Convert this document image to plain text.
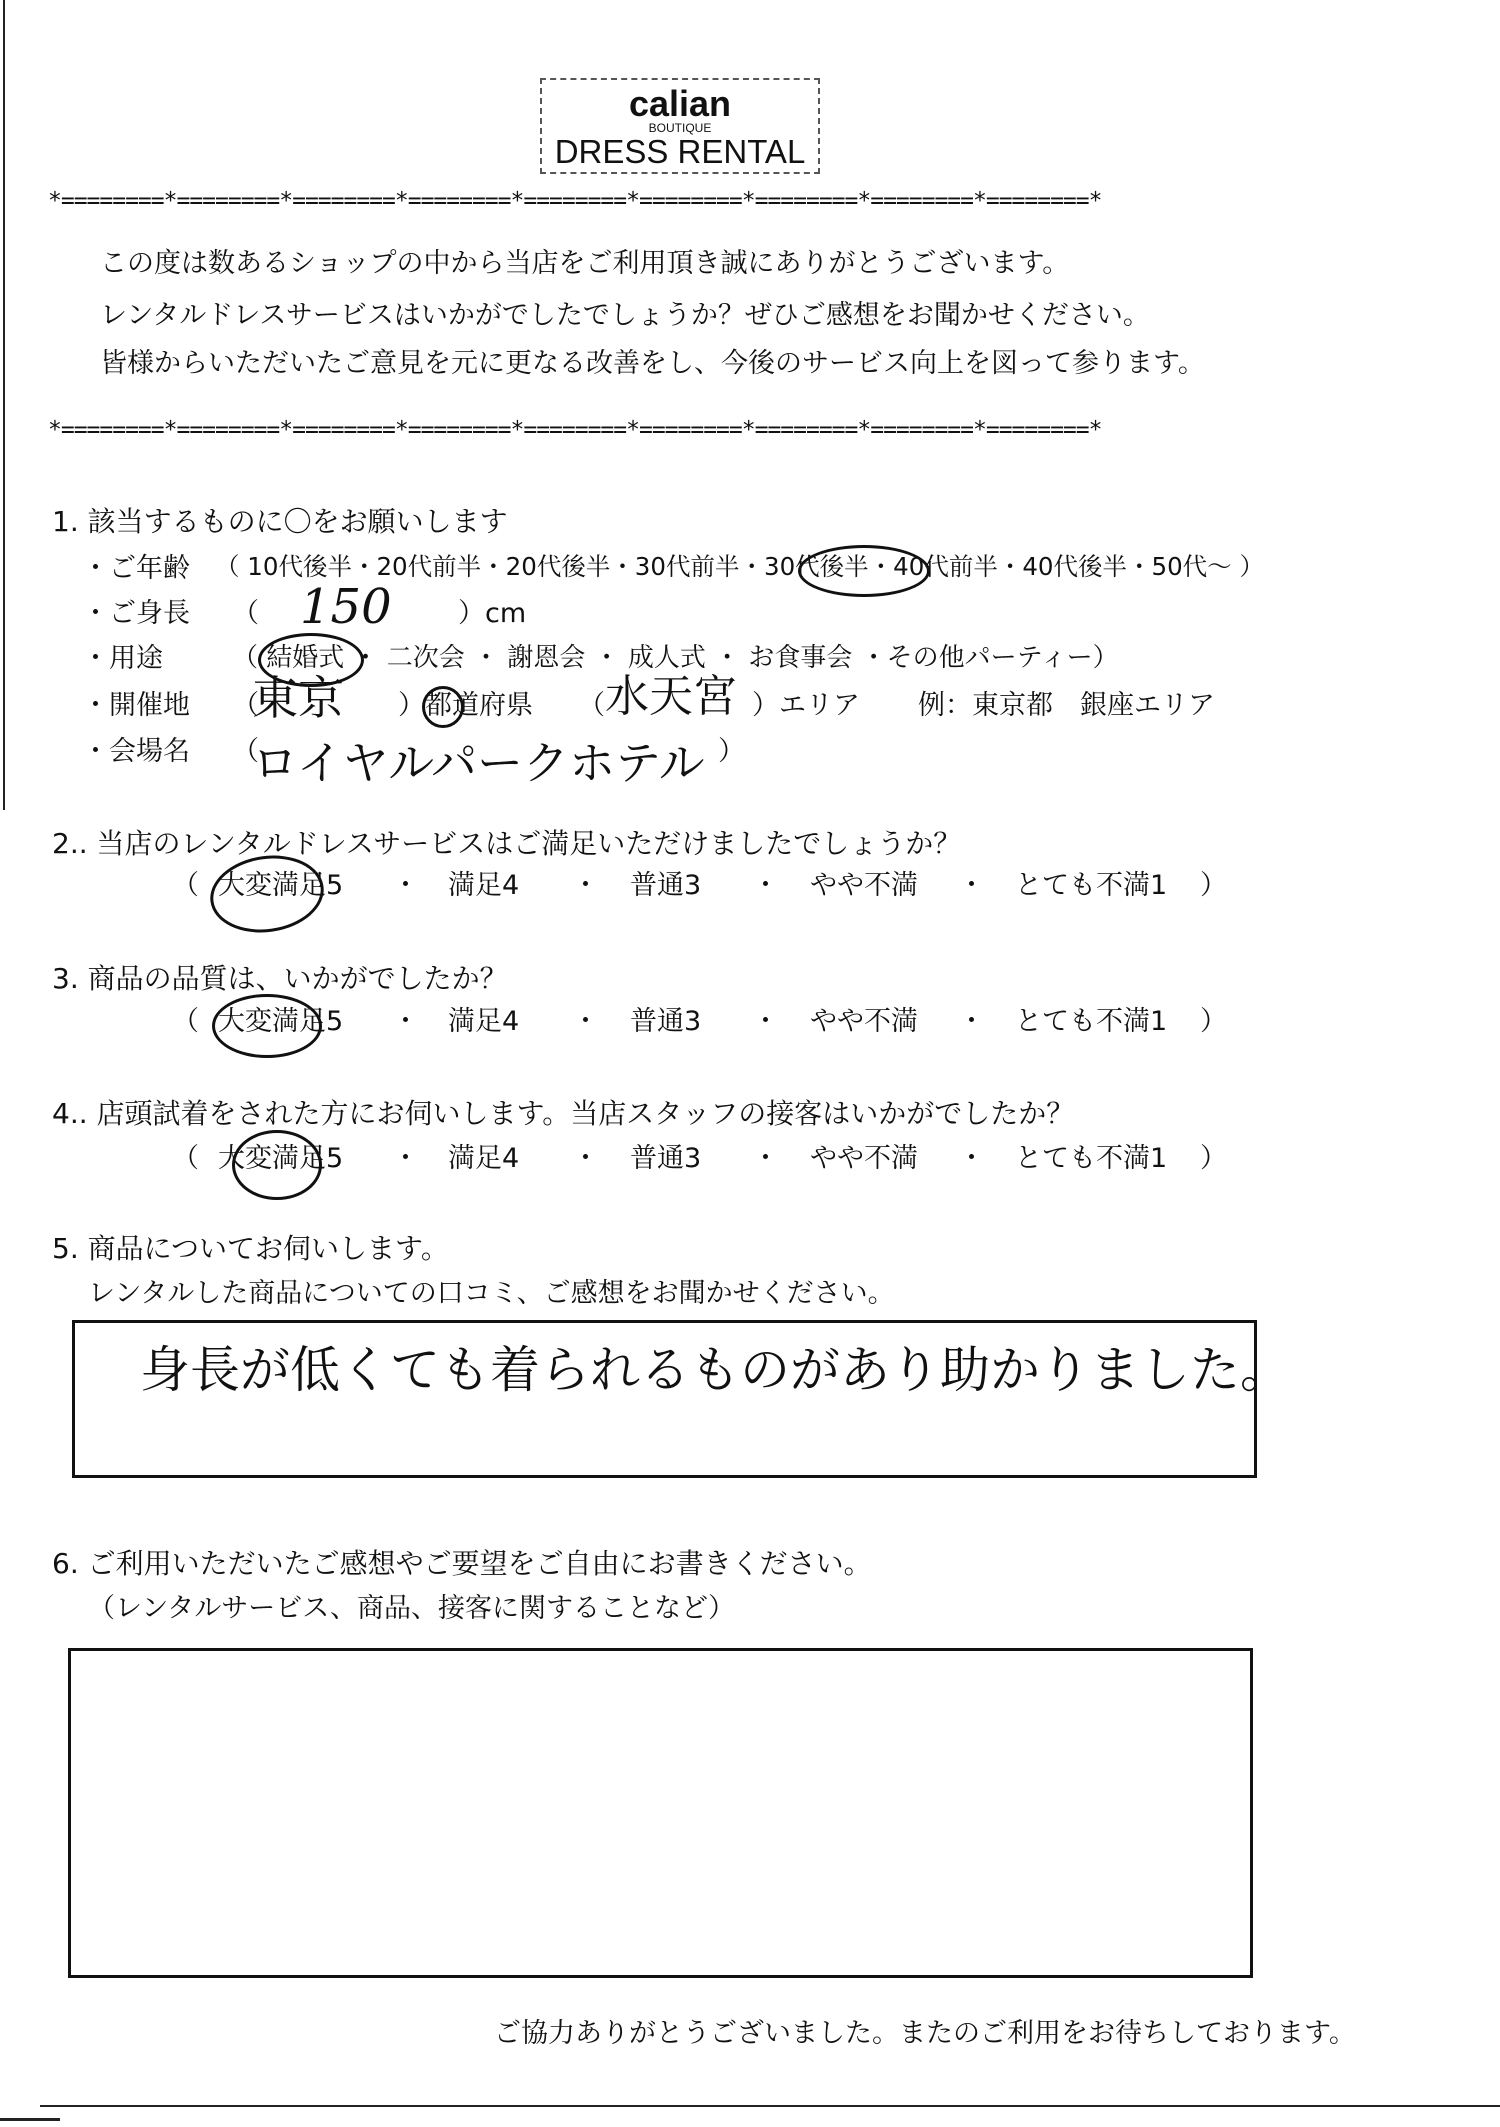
calian
BOUTIQUE
DRESS RENTAL
*========*========*========*========*========*========*========*========*========*
*========*========*========*========*========*========*========*========*========*
この度は数あるショップの中から当店をご利用頂き誠にありがとうございます。
レンタルドレスサービスはいかがでしたでしょうか？ぜひご感想をお聞かせください。
皆様からいただいたご意見を元に更なる改善をし、今後のサービス向上を図って参ります。
1. 該当するものに〇をお願いします
・ご年齢 （ 10代後半・20代前半・20代後半・30代前半・30代後半・40代前半・40代後半・50代～ ）
・ご身長 （ 150 ）cm
・用途	（ 結婚式 ・ 二次会 ・ 謝恩会 ・ 成人式 ・ お食事会 ・その他パーティー）
・開催地 （
東京 ）都道府県 （ 水天宮 ）エリア 例：東京都　銀座エリア
・会場名 （
ロイヤルパークホテル ）
2.. 当店のレンタルドレスサービスはご満足いただけましたでしょうか？
（ 大変満足5 ・ 満足4 ・ 普通3 ・ やや不満 ・ とても不満1 ）
3. 商品の品質は、いかがでしたか？
（ 大変満足5 ・ 満足4 ・ 普通3 ・ やや不満 ・ とても不満1 ）
4.. 店頭試着をされた方にお伺いします。当店スタッフの接客はいかがでしたか？
（ 大変満足5 ・ 満足4 ・ 普通3 ・ やや不満 ・ とても不満1 ）
5. 商品についてお伺いします。
レンタルした商品についての口コミ、ご感想をお聞かせください。
身長が低くても着られるものがあり助かりました。
6. ご利用いただいたご感想やご要望をご自由にお書きください。
（レンタルサービス、商品、接客に関することなど）
ご協力ありがとうございました。またのご利用をお待ちしております。
